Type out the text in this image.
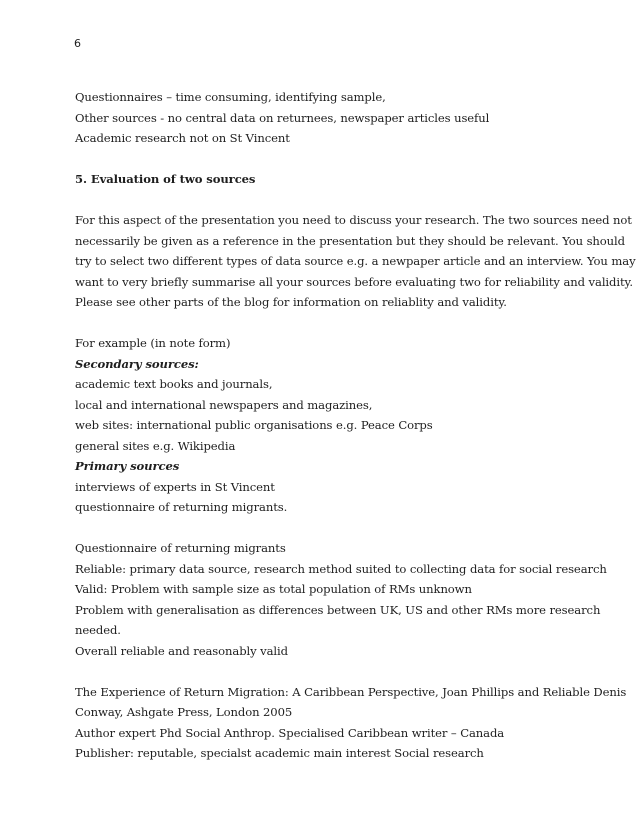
6
Questionnaires – time consuming, identifying sample,
Other sources - no central data on returnees, newspaper articles useful
Academic research not on St Vincent
5. Evaluation of two sources
For this aspect of the presentation you need to discuss your research. The two sources need not
necessarily be given as a reference in the presentation but they should be relevant. You should
try to select two different types of data source e.g. a newpaper article and an interview. You may
want to very briefly summarise all your sources before evaluating two for reliability and validity.
Please see other parts of the blog for information on reliablity and validity.
For example (in note form)
Secondary sources:
academic text books and journals,
local and international newspapers and magazines,
web sites: international public organisations e.g. Peace Corps
general sites e.g. Wikipedia
Primary sources
interviews of experts in St Vincent
questionnaire of returning migrants.
Questionnaire of returning migrants
Reliable: primary data source, research method suited to collecting data for social research
Valid: Problem with sample size as total population of RMs unknown
Problem with generalisation as differences between UK, US and other RMs more research
needed.
Overall reliable and reasonably valid
The Experience of Return Migration: A Caribbean Perspective, Joan Phillips and Reliable Denis
Conway, Ashgate Press, London 2005
Author expert Phd Social Anthrop. Specialised Caribbean writer – Canada
Publisher: reputable, specialst academic main interest Social research
